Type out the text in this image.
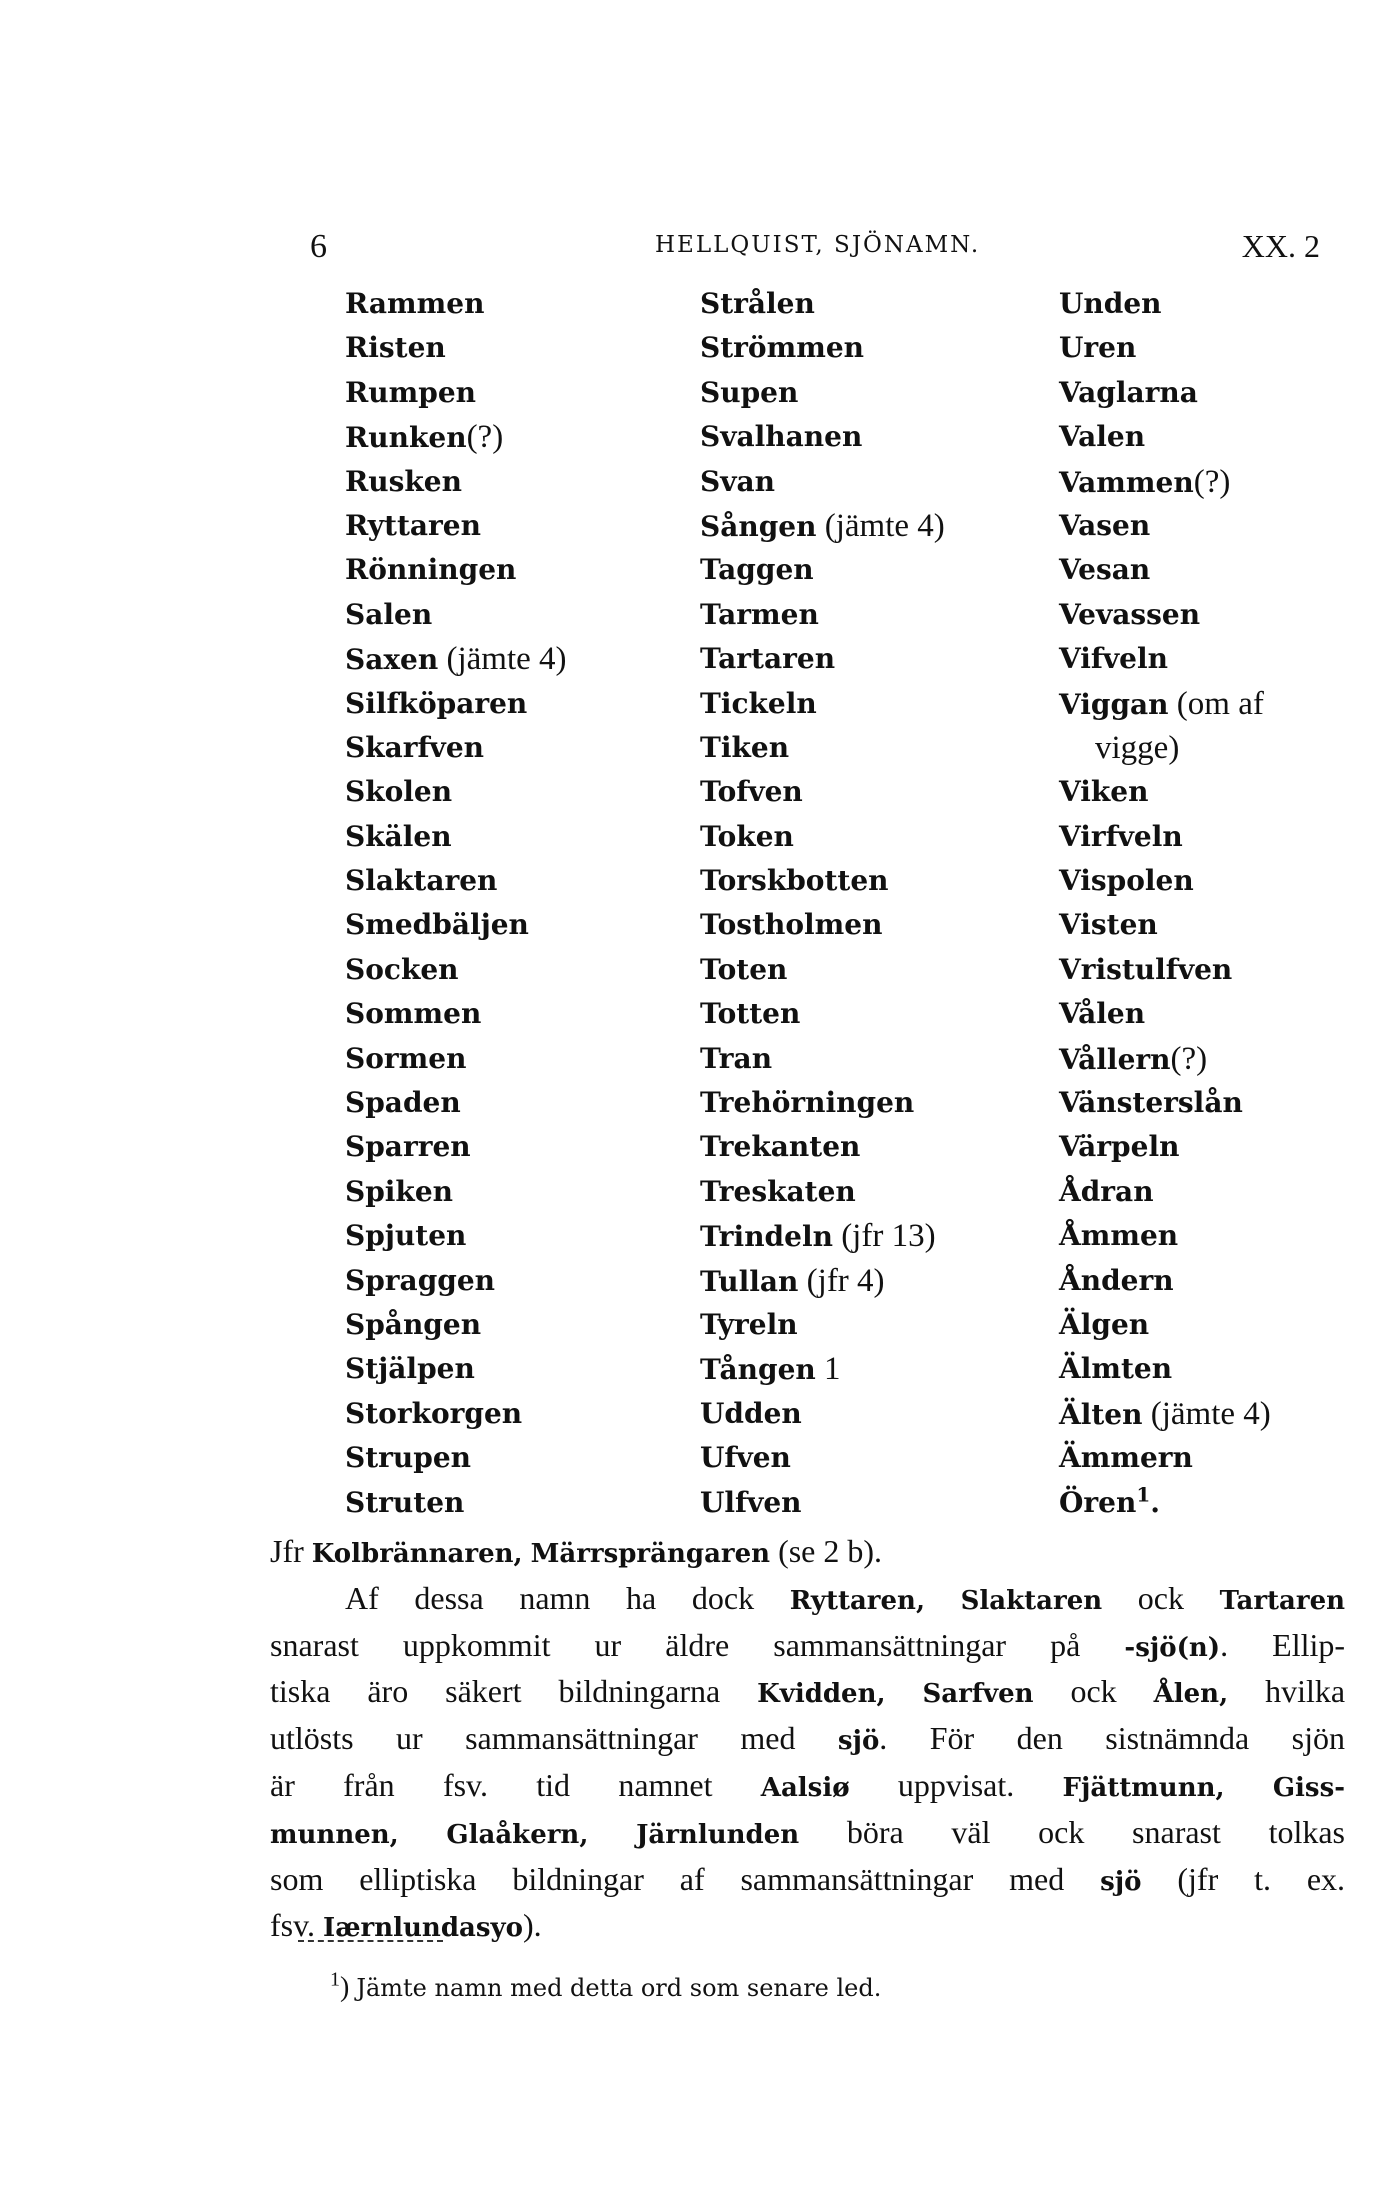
6	HELLQUIST, SJÖNAMN.	XX. 2
Rammen
Risten
Rumpen
Runken(?)
Rusken
Ryttaren
Rönningen
Salen
Saxen (jämte 4)
Silfköparen
Skarfven
Skolen
Skälen
Slaktaren
Smedbäljen
Socken
Sommen
Sormen
Spaden
Sparren
Spiken
Spjuten
Spraggen
Spången
Stjälpen
Storkorgen
Strupen
Struten
Strålen
Strömmen
Supen
Svalhanen
Svan
Sången (jämte 4)
Taggen
Tarmen
Tartaren
Tickeln
Tiken
Tofven
Token
Torskbotten
Tostholmen
Toten
Totten
Tran
Trehörningen
Trekanten
Treskaten
Trindeln (jfr 13)
Tullan (jfr 4)
Tyreln
Tången 1
Udden
Ufven
Ulfven
Unden
Uren
Vaglarna
Valen
Vammen(?)
Vasen
Vesan
Vevassen
Vifveln
Viggan (om af
vigge)
Viken
Virfveln
Vispolen
Visten
Vristulfven
Vålen
Vållern(?)
Vänsterslån
Värpeln
Ådran
Åmmen
Åndern
Älgen
Älmten
Älten (jämte 4)
Ämmern
Ören$^1$.
Jfr Kolbrännaren, Märrsprängaren (se 2 b).
Af dessa namn ha dock Ryttaren, Slaktaren ock Tartaren
snarast uppkommit ur äldre sammansättningar på -sjö(n). Ellip-
tiska äro säkert bildningarna Kvidden, Sarfven ock Ålen, hvilka
utlösts ur sammansättningar med sjö. För den sistnämnda sjön
är från fsv. tid namnet Aalsiø uppvisat. Fjättmunn, Giss-
munnen, Glaåkern, Järnlunden böra väl ock snarast tolkas
som elliptiska bildningar af sammansättningar med sjö (jfr t. ex.
fsv. Iærnlundasyo).
$^1$) Jämte namn med detta ord som senare led.
